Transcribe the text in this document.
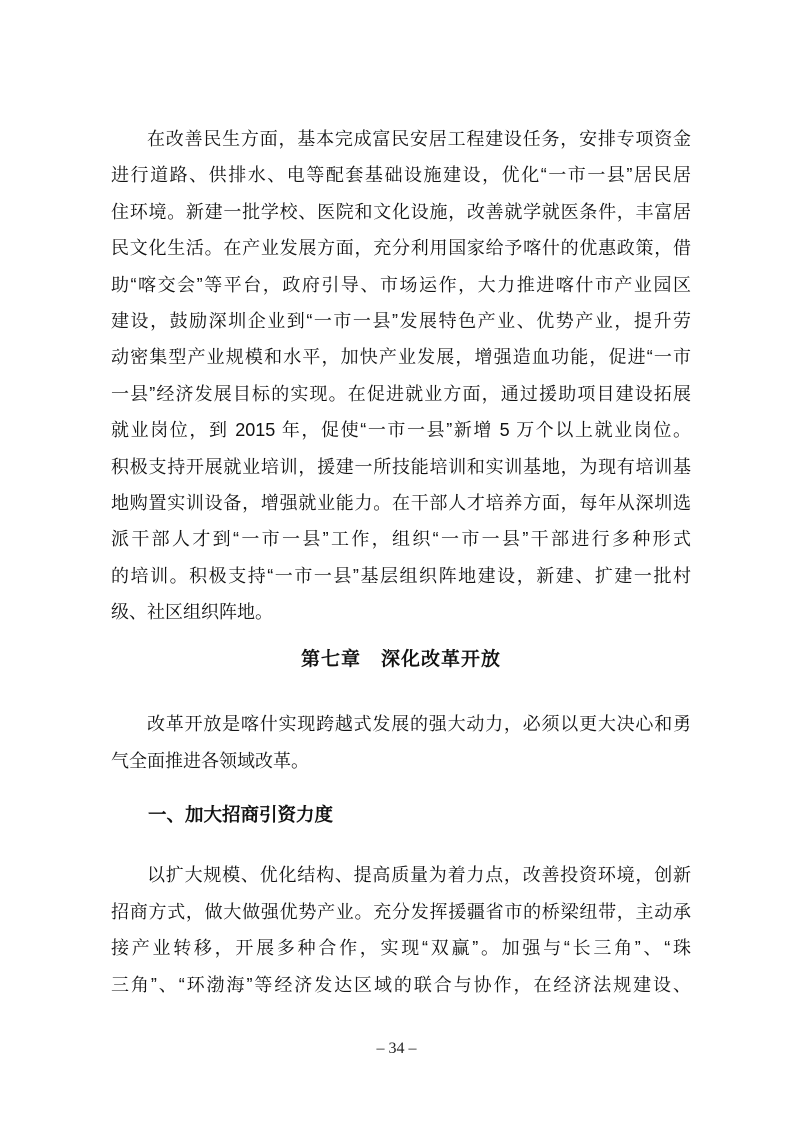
在改善民生方面，基本完成富民安居工程建设任务，安排专项资金
进行道路、供排水、电等配套基础设施建设，优化“一市一县”居民居
住环境。新建一批学校、医院和文化设施，改善就学就医条件，丰富居
民文化生活。在产业发展方面，充分利用国家给予喀什的优惠政策，借
助“喀交会”等平台，政府引导、市场运作，大力推进喀什市产业园区
建设，鼓励深圳企业到“一市一县”发展特色产业、优势产业，提升劳
动密集型产业规模和水平，加快产业发展，增强造血功能，促进“一市
一县”经济发展目标的实现。在促进就业方面，通过援助项目建设拓展
就业岗位，到 2015 年，促使“一市一县”新增 5 万个以上就业岗位。
积极支持开展就业培训，援建一所技能培训和实训基地，为现有培训基
地购置实训设备，增强就业能力。在干部人才培养方面，每年从深圳选
派干部人才到“一市一县”工作，组织“一市一县”干部进行多种形式
的培训。积极支持“一市一县”基层组织阵地建设，新建、扩建一批村
级、社区组织阵地。
第七章　深化改革开放
改革开放是喀什实现跨越式发展的强大动力，必须以更大决心和勇
气全面推进各领域改革。
一、加大招商引资力度
以扩大规模、优化结构、提高质量为着力点，改善投资环境，创新
招商方式，做大做强优势产业。充分发挥援疆省市的桥梁纽带，主动承
接产业转移，开展多种合作，实现“双赢”。加强与“长三角”、“珠
三角”、“环渤海”等经济发达区域的联合与协作，在经济法规建设、
– 34 –
